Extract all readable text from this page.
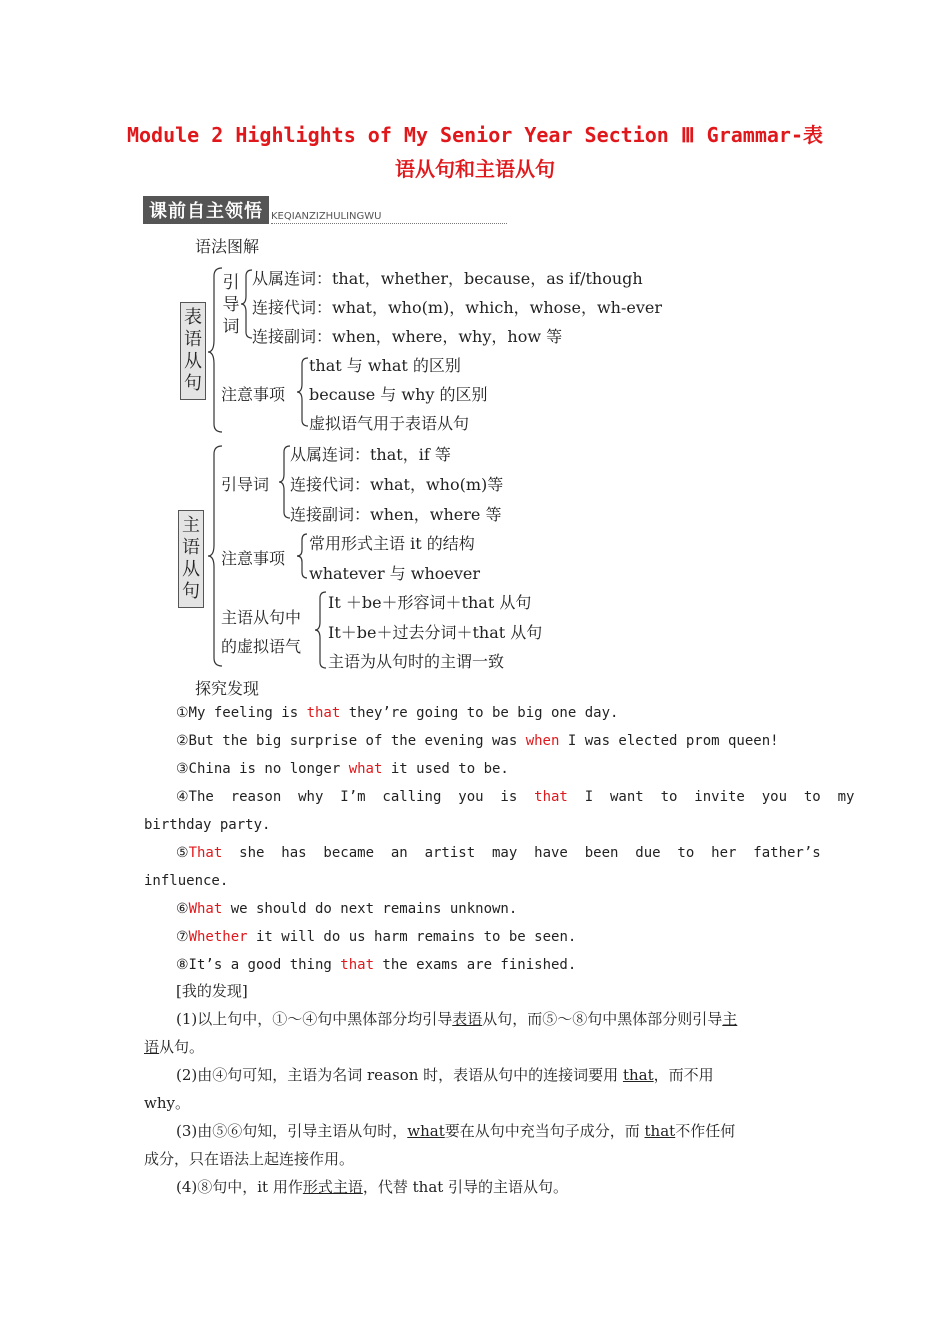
Module 2 Highlights of My Senior Year Section Ⅲ Grammar-表
语从句和主语从句
课前自主领悟 KEQIANZIZHULINGWU
语法图解
表语从句
引导词
从属连词：that，whether，because，as if/though
连接代词：what，who(m)，which，whose，wh-ever
连接副词：when，where，why，how 等
注意事项
that 与 what 的区别
because 与 why 的区别
虚拟语气用于表语从句
主语从句
引导词
从属连词：that，if 等
连接代词：what，who(m)等
连接副词：when，where 等
注意事项
常用形式主语 it 的结构
whatever 与 whoever
主语从句中
的虚拟语气
It ＋be＋形容词＋that 从句
It＋be＋过去分词＋that 从句
主语为从句时的主谓一致
探究发现
①My feeling is that they’re going to be big one day.
②But the big surprise of the evening was when I was elected prom queen!
③China is no longer what it used to be.
④The  reason  why  I’m  calling  you  is  that  I  want  to  invite  you  to  my
birthday party.
⑤That  she  has  became  an  artist  may  have  been  due  to  her  father’s
influence.
⑥What we should do next remains unknown.
⑦Whether it will do us harm remains to be seen.
⑧It’s a good thing that the exams are finished.
[我的发现]
(1)以上句中，①～④句中黑体部分均引导表语从句，而⑤～⑧句中黑体部分则引导主
语从句。
(2)由④句可知，主语为名词 reason 时，表语从句中的连接词要用 that，而不用
why。
(3)由⑤⑥句知，引导主语从句时，what要在从句中充当句子成分，而 that不作任何
成分，只在语法上起连接作用。
(4)⑧句中，it 用作形式主语，代替 that 引导的主语从句。
